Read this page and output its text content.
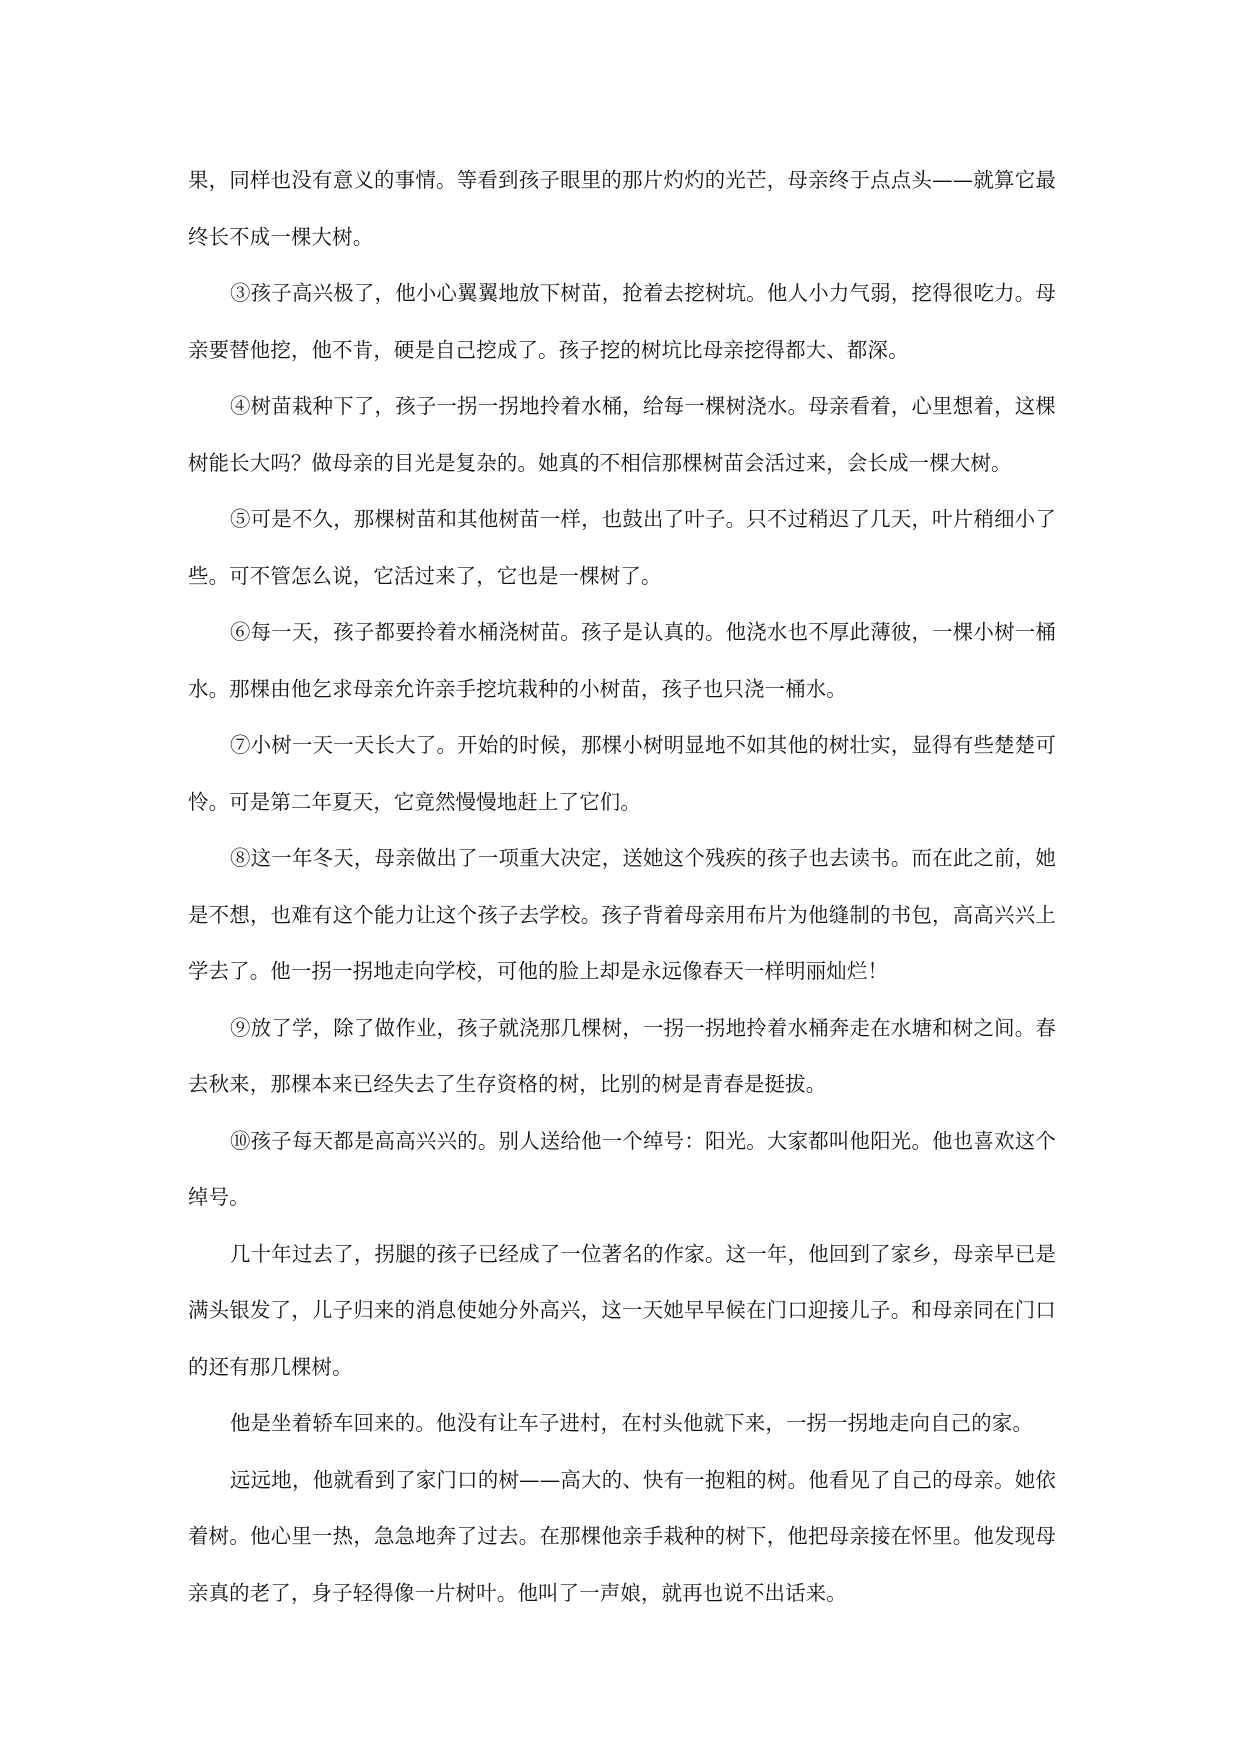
果，同样也没有意义的事情。等看到孩子眼里的那片灼灼的光芒，母亲终于点点头——就算它最终长不成一棵大树。

③孩子高兴极了，他小心翼翼地放下树苗，抢着去挖树坑。他人小力气弱，挖得很吃力。母亲要替他挖，他不肯，硬是自己挖成了。孩子挖的树坑比母亲挖得都大、都深。

④树苗栽种下了，孩子一拐一拐地拎着水桶，给每一棵树浇水。母亲看着，心里想着，这棵树能长大吗？做母亲的目光是复杂的。她真的不相信那棵树苗会活过来，会长成一棵大树。

⑤可是不久，那棵树苗和其他树苗一样，也鼓出了叶子。只不过稍迟了几天，叶片稍细小了些。可不管怎么说，它活过来了，它也是一棵树了。

⑥每一天，孩子都要拎着水桶浇树苗。孩子是认真的。他浇水也不厚此薄彼，一棵小树一桶水。那棵由他乞求母亲允许亲手挖坑栽种的小树苗，孩子也只浇一桶水。

⑦小树一天一天长大了。开始的时候，那棵小树明显地不如其他的树壮实，显得有些楚楚可怜。可是第二年夏天，它竟然慢慢地赶上了它们。

⑧这一年冬天，母亲做出了一项重大决定，送她这个残疾的孩子也去读书。而在此之前，她是不想，也难有这个能力让这个孩子去学校。孩子背着母亲用布片为他缝制的书包，高高兴兴上学去了。他一拐一拐地走向学校，可他的脸上却是永远像春天一样明丽灿烂！

⑨放了学，除了做作业，孩子就浇那几棵树，一拐一拐地拎着水桶奔走在水塘和树之间。春去秋来，那棵本来已经失去了生存资格的树，比别的树是青春是挺拔。

⑩孩子每天都是高高兴兴的。别人送给他一个绰号：阳光。大家都叫他阳光。他也喜欢这个绰号。

几十年过去了，拐腿的孩子已经成了一位著名的作家。这一年，他回到了家乡，母亲早已是满头银发了，儿子归来的消息使她分外高兴，这一天她早早候在门口迎接儿子。和母亲同在门口的还有那几棵树。

他是坐着轿车回来的。他没有让车子进村，在村头他就下来，一拐一拐地走向自己的家。

远远地，他就看到了家门口的树——高大的、快有一抱粗的树。他看见了自己的母亲。她依着树。他心里一热，急急地奔了过去。在那棵他亲手栽种的树下，他把母亲接在怀里。他发现母亲真的老了，身子轻得像一片树叶。他叫了一声娘，就再也说不出话来。
